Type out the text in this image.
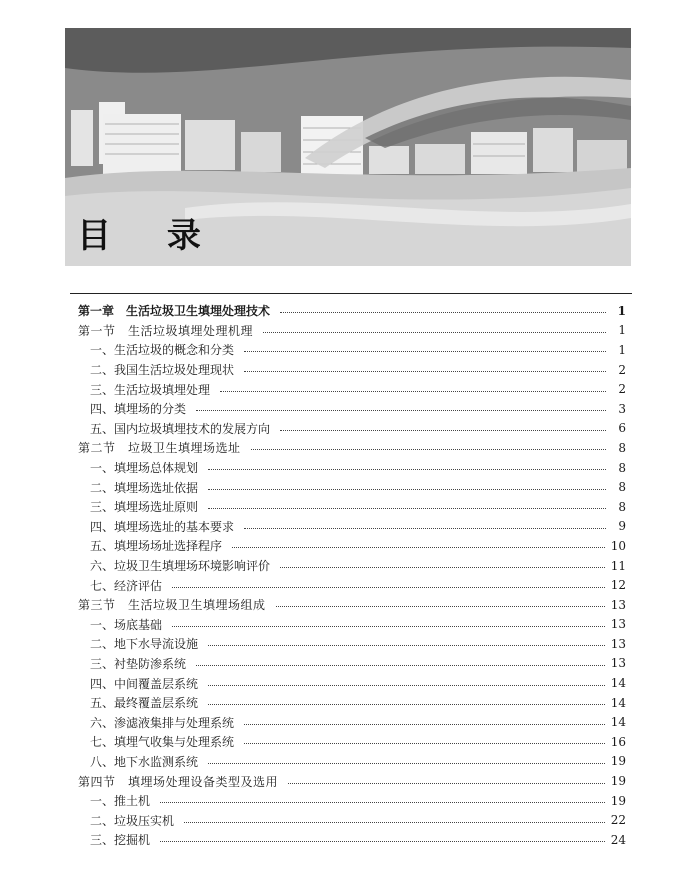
目 录
第一章　生活垃圾卫生填埋处理技术	1
第一节　生活垃圾填埋处理机理	1
一、生活垃圾的概念和分类	1
二、我国生活垃圾处理现状	2
三、生活垃圾填埋处理	2
四、填埋场的分类	3
五、国内垃圾填埋技术的发展方向	6
第二节　垃圾卫生填埋场选址	8
一、填埋场总体规划	8
二、填埋场选址依据	8
三、填埋场选址原则	8
四、填埋场选址的基本要求	9
五、填埋场场址选择程序	10
六、垃圾卫生填埋场环境影响评价	11
七、经济评估	12
第三节　生活垃圾卫生填埋场组成	13
一、场底基础	13
二、地下水导流设施	13
三、衬垫防渗系统	13
四、中间覆盖层系统	14
五、最终覆盖层系统	14
六、渗滤液集排与处理系统	14
七、填埋气收集与处理系统	16
八、地下水监测系统	19
第四节　填埋场处理设备类型及选用	19
一、推土机	19
二、垃圾压实机	22
三、挖掘机	24
